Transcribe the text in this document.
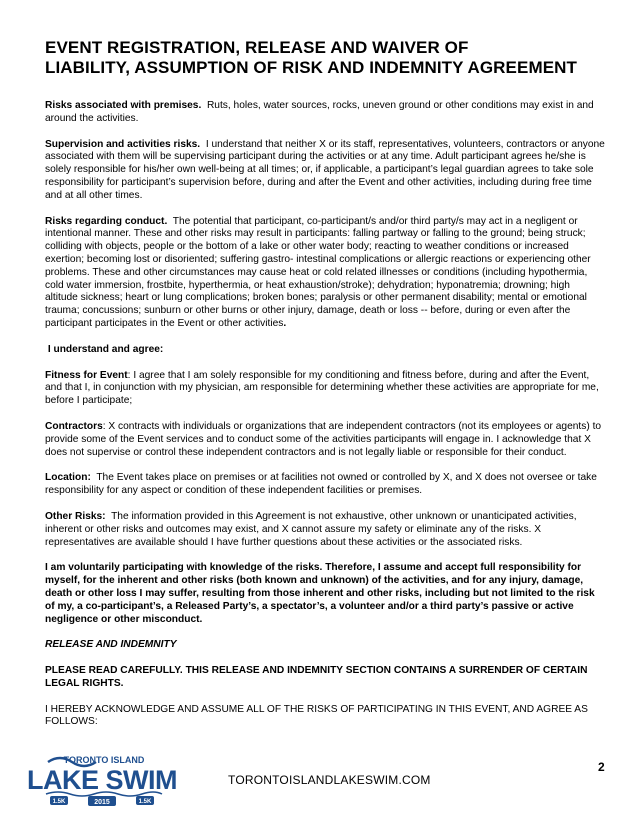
EVENT REGISTRATION, RELEASE AND WAIVER OF
LIABILITY, ASSUMPTION OF RISK AND INDEMNITY AGREEMENT

Risks associated with premises. Ruts, holes, water sources, rocks, uneven ground or other conditions may exist in and around the activities.

Supervision and activities risks. I understand that neither X or its staff, representatives, volunteers, contractors or anyone associated with them will be supervising participant during the activities or at any time. Adult participant agrees he/she is solely responsible for his/her own well-being at all times; or, if applicable, a participant’s legal guardian agrees to take sole responsibility for participant’s supervision before, during and after the Event and other activities, including during free time and at all other times.

Risks regarding conduct. The potential that participant, co-participant/s and/or third party/s may act in a negligent or intentional manner. These and other risks may result in participants: falling partway or falling to the ground; being struck; colliding with objects, people or the bottom of a lake or other water body; reacting to weather conditions or increased exertion; becoming lost or disoriented; suffering gastro- intestinal complications or allergic reactions or experiencing other problems. These and other circumstances may cause heat or cold related illnesses or conditions (including hypothermia, cold water immersion, frostbite, hyperthermia, or heat exhaustion/stroke); dehydration; hyponatremia; drowning; high altitude sickness; heart or lung complications; broken bones; paralysis or other permanent disability; mental or emotional trauma; concussions; sunburn or other burns or other injury, damage, death or loss -- before, during or even after the participant participates in the Event or other activities.

I understand and agree:

Fitness for Event: I agree that I am solely responsible for my conditioning and fitness before, during and after the Event, and that I, in conjunction with my physician, am responsible for determining whether these activities are appropriate for me, before I participate;

Contractors: X contracts with individuals or organizations that are independent contractors (not its employees or agents) to provide some of the Event services and to conduct some of the activities participants will engage in. I acknowledge that X does not supervise or control these independent contractors and is not legally liable or responsible for their conduct.

Location: The Event takes place on premises or at facilities not owned or controlled by X, and X does not oversee or take responsibility for any aspect or condition of these independent facilities or premises.

Other Risks: The information provided in this Agreement is not exhaustive, other unknown or unanticipated activities, inherent or other risks and outcomes may exist, and X cannot assure my safety or eliminate any of the risks. X representatives are available should I have further questions about these activities or the associated risks.

I am voluntarily participating with knowledge of the risks. Therefore, I assume and accept full responsibility for myself, for the inherent and other risks (both known and unknown) of the activities, and for any injury, damage, death or other loss I may suffer, resulting from those inherent and other risks, including but not limited to the risk of my, a co-participant’s, a Released Party’s, a spectator’s, a volunteer and/or a third party’s passive or active negligence or other misconduct.

RELEASE AND INDEMNITY

PLEASE READ CAREFULLY. THIS RELEASE AND INDEMNITY SECTION CONTAINS A SURRENDER OF CERTAIN LEGAL RIGHTS.

I HEREBY ACKNOWLEDGE AND ASSUME ALL OF THE RISKS OF PARTICIPATING IN THIS EVENT, AND AGREE AS FOLLOWS:

2
TORONTO ISLAND
LAKE SWIM
1.5K	2015	1.5K
TORONTOISLANDLAKESWIM.COM
